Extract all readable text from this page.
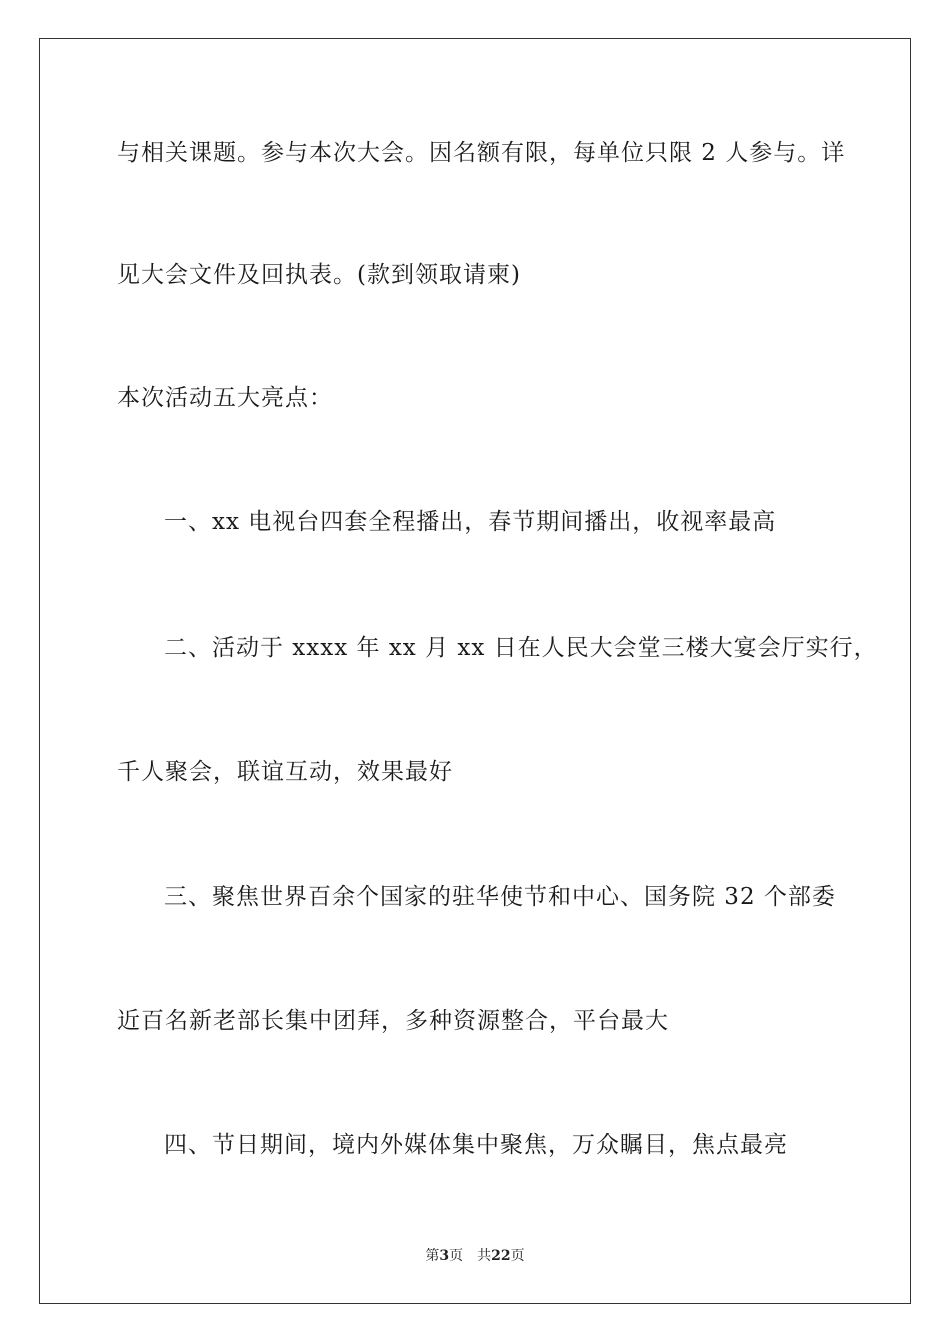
与相关课题。参与本次大会。因名额有限，每单位只限 2 人参与。详
见大会文件及回执表。(款到领取请柬)
本次活动五大亮点：
一、xx 电视台四套全程播出，春节期间播出，收视率最高
二、活动于 xxxx 年 xx 月 xx 日在人民大会堂三楼大宴会厅实行，
千人聚会，联谊互动，效果最好
三、聚焦世界百余个国家的驻华使节和中心、国务院 32 个部委
近百名新老部长集中团拜，多种资源整合，平台最大
四、节日期间，境内外媒体集中聚焦，万众瞩目，焦点最亮
第3页 共22页
